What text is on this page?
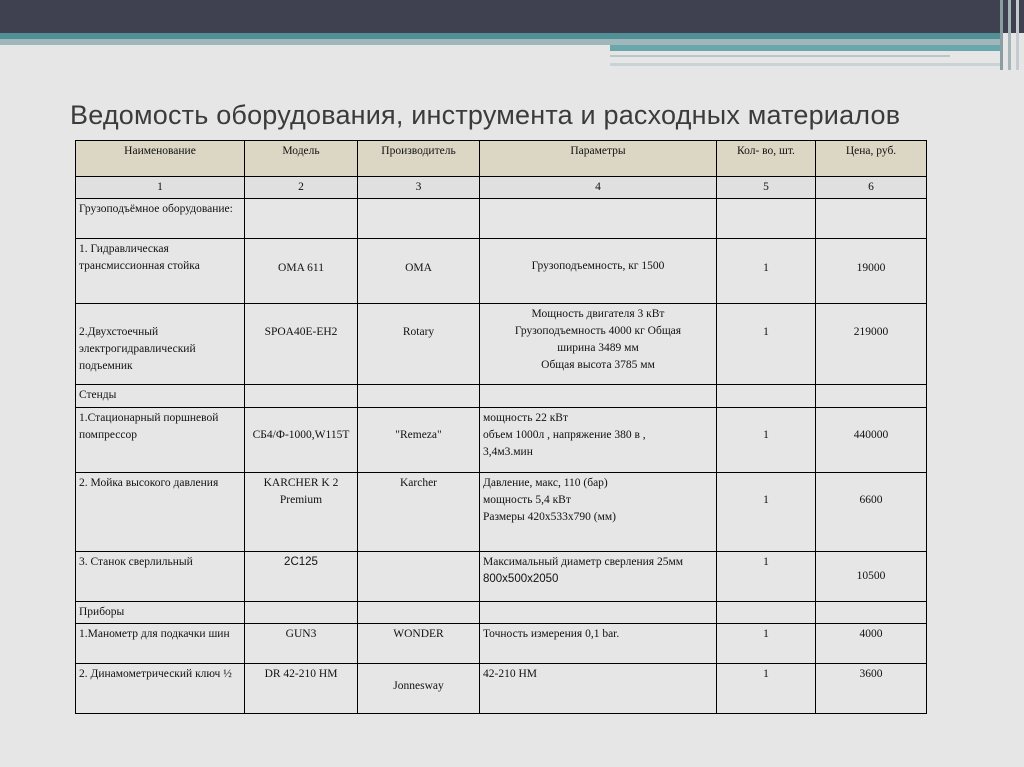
Ведомость оборудования, инструмента и расходных материалов
Наименование	Модель	Производитель	Параметры	Кол- во, шт.	Цена, руб.
1	2	3	4	5	6
Грузоподъёмное оборудование:					
1. Гидравлическая трансмиссионная стойка	OMA 611	OMA	Грузоподъемность, кг 1500	1	19000
2.Двухстоечный электрогидравлический подъемник	SPOA40E-EH2	Rotary	Мощность двигателя 3 кВт
Грузоподъемность 4000 кг Общая
ширина 3489 мм
Общая высота 3785 мм	1	219000
Стенды					
1.Стационарный поршневой помпрессор	СБ4/Ф-1000,W115T	"Remeza"	мощность 22 кВт
объем 1000л , напряжение 380 в ,
3,4м3.мин	1	440000
2. Мойка высокого давления	KARCHER K 2 Premium	Karcher	Давление, макс, 110 (бар)
мощность 5,4 кВт
Размеры 420x533x790 (мм)	1	6600
3. Станок сверлильный	2С125		Максимальный диаметр сверления 25мм
800x500x2050	1	10500
Приборы					
1.Манометр для подкачки шин	GUN3	WONDER	Точность измерения 0,1 bar.	1	4000
2. Динамометрический ключ ½	DR 42-210 HM	Jonnesway	42-210 HM	1	3600
